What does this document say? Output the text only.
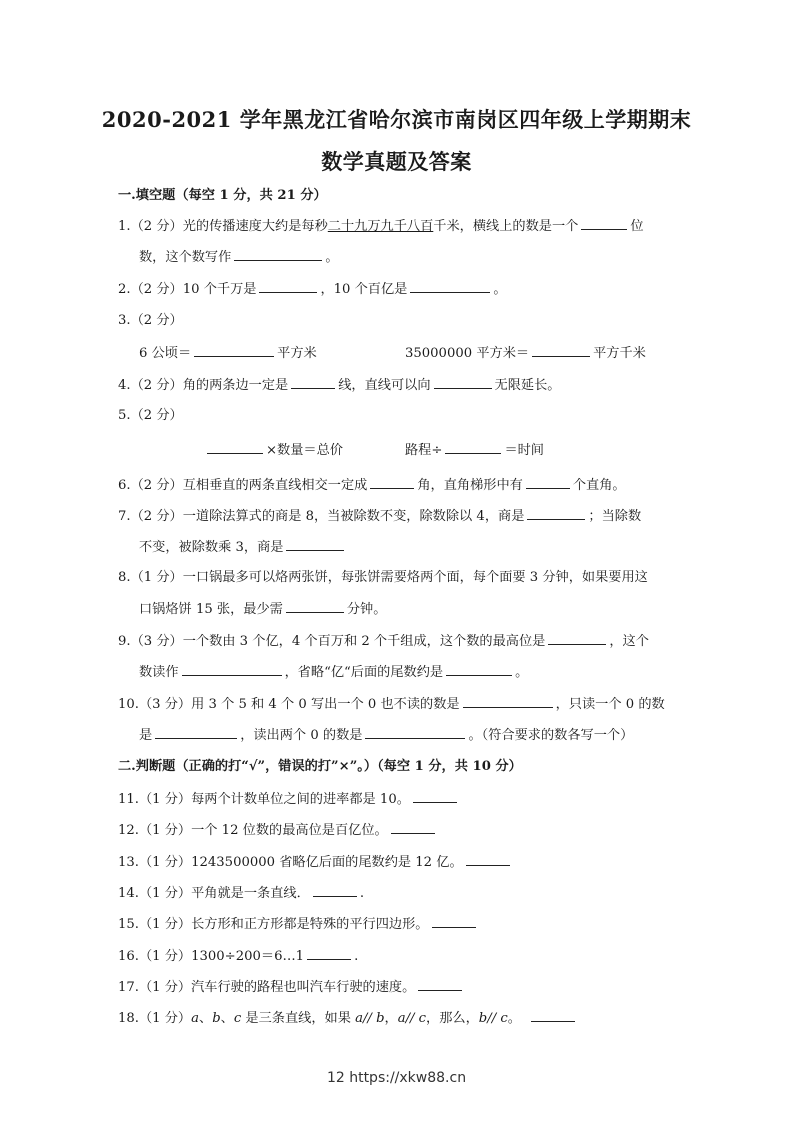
2020-2021 学年黑龙江省哈尔滨市南岗区四年级上学期期末
数学真题及答案
一.填空题（每空 1 分，共 21 分）
1.（2 分）光的传播速度大约是每秒二十九万九千八百千米，横线上的数是一个	位
数，这个数写作	。
2.（2 分）10 个千万是	，10 个百亿是	。
3.（2 分）
6 公顷＝	平方米	35000000 平方米＝	平方千米
4.（2 分）角的两条边一定是	线，直线可以向	无限延长。
5.（2 分）
×数量＝总价	路程÷	＝时间
6.（2 分）互相垂直的两条直线相交一定成	角，直角梯形中有	个直角。
7.（2 分）一道除法算式的商是 8，当被除数不变，除数除以 4，商是	；当除数
不变，被除数乘 3，商是
8.（1 分）一口锅最多可以烙两张饼，每张饼需要烙两个面，每个面要 3 分钟，如果要用这
口锅烙饼 15 张，最少需	分钟。
9.（3 分）一个数由 3 个亿，4 个百万和 2 个千组成，这个数的最高位是	，这个
数读作	，省略“亿“后面的尾数约是	。
10.（3 分）用 3 个 5 和 4 个 0 写出一个 0 也不读的数是	，只读一个 0 的数
是	，读出两个 0 的数是	。（符合要求的数各写一个）
二.判断题（正确的打“√”，错误的打”×”。）（每空 1 分，共 10 分）
11.（1 分）每两个计数单位之间的进率都是 10。
12.（1 分）一个 12 位数的最高位是百亿位。
13.（1 分）1243500000 省略亿后面的尾数约是 12 亿。
14.（1 分）平角就是一条直线．	.
15.（1 分）长方形和正方形都是特殊的平行四边形。
16.（1 分）1300÷200＝6…1	.
17.（1 分）汽车行驶的路程也叫汽车行驶的速度。
18.（1 分）a、b、c 是三条直线，如果 a// b，a// c，那么，b// c。
12 https://xkw88.cn
